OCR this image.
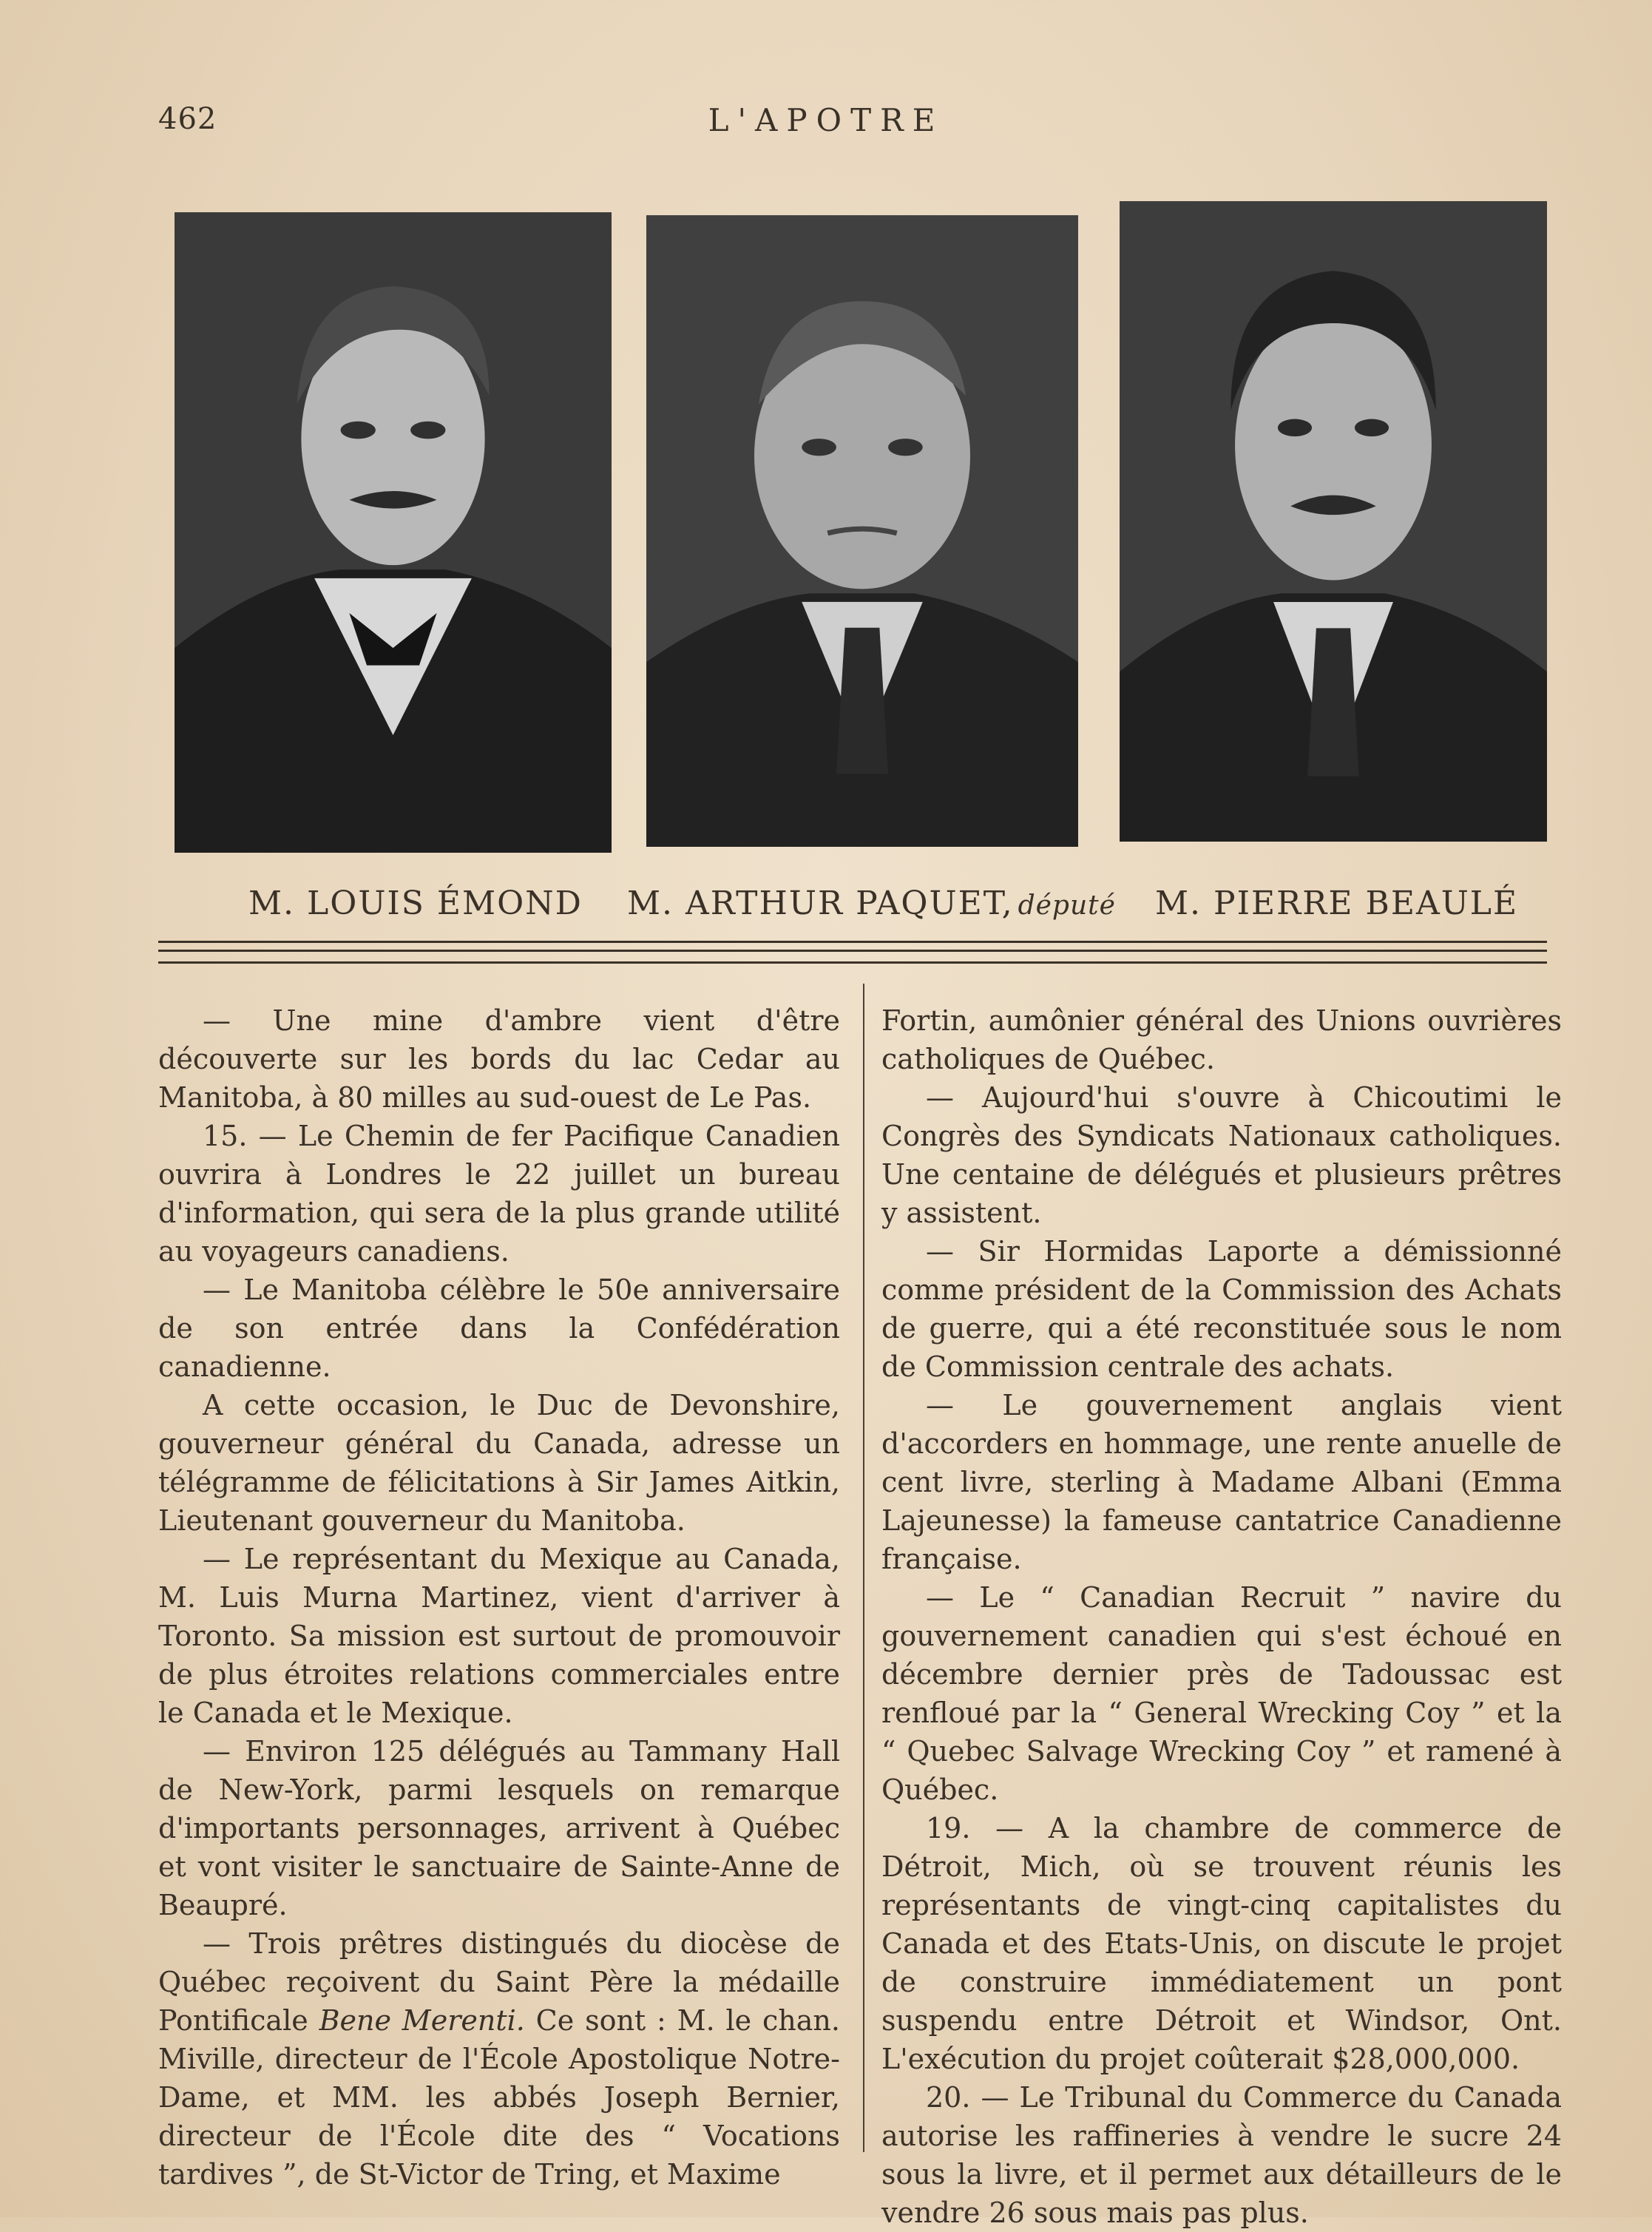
462	L'APOTRE
M. LOUIS ÉMOND M. ARTHUR PAQUET, député M. PIERRE BEAULÉ

— Une mine d'ambre vient d'être découverte sur les bords du lac Cedar au Manitoba, à 80 milles au sud-ouest de Le Pas.

15. — Le Chemin de fer Pacifique Canadien ouvrira à Londres le 22 juillet un bureau d'information, qui sera de la plus grande utilité au voyageurs canadiens.

— Le Manitoba célèbre le 50e anniversaire de son entrée dans la Confédération canadienne.

A cette occasion, le Duc de Devonshire, gouverneur général du Canada, adresse un télégramme de félicitations à Sir James Aitkin, Lieutenant gouverneur du Manitoba.

— Le représentant du Mexique au Canada, M. Luis Murna Martinez, vient d'arriver à Toronto. Sa mission est surtout de promouvoir de plus étroites relations commerciales entre le Canada et le Mexique.

— Environ 125 délégués au Tammany Hall de New-York, parmi lesquels on remarque d'importants personnages, arrivent à Québec et vont visiter le sanctuaire de Sainte-Anne de Beaupré.

— Trois prêtres distingués du diocèse de Québec reçoivent du Saint Père la médaille Pontificale Bene Merenti. Ce sont : M. le chan. Miville, directeur de l'École Apostolique Notre-Dame, et MM. les abbés Joseph Bernier, directeur de l'École dite des “ Vocations tardives ”, de St-Victor de Tring, et Maxime

Fortin, aumônier général des Unions ouvrières catholiques de Québec.

— Aujourd'hui s'ouvre à Chicoutimi le Congrès des Syndicats Nationaux catholiques. Une centaine de délégués et plusieurs prêtres y assistent.

— Sir Hormidas Laporte a démissionné comme président de la Commission des Achats de guerre, qui a été reconstituée sous le nom de Commission centrale des achats.

— Le gouvernement anglais vient d'accorders en hommage, une rente anuelle de cent livre, sterling à Madame Albani (Emma Lajeunesse) la fameuse cantatrice Canadienne française.

— Le “ Canadian Recruit ” navire du gouvernement canadien qui s'est échoué en décembre dernier près de Tadoussac est renfloué par la “ General Wrecking Coy ” et la “ Quebec Salvage Wrecking Coy ” et ramené à Québec.

19. — A la chambre de commerce de Détroit, Mich, où se trouvent réunis les représentants de vingt-cinq capitalistes du Canada et des Etats-Unis, on discute le projet de construire immédiatement un pont suspendu entre Détroit et Windsor, Ont. L'exécution du projet coûterait $28,000,000.

20. — Le Tribunal du Commerce du Canada autorise les raffineries à vendre le sucre 24 sous la livre, et il permet aux détailleurs de le vendre 26 sous mais pas plus.
